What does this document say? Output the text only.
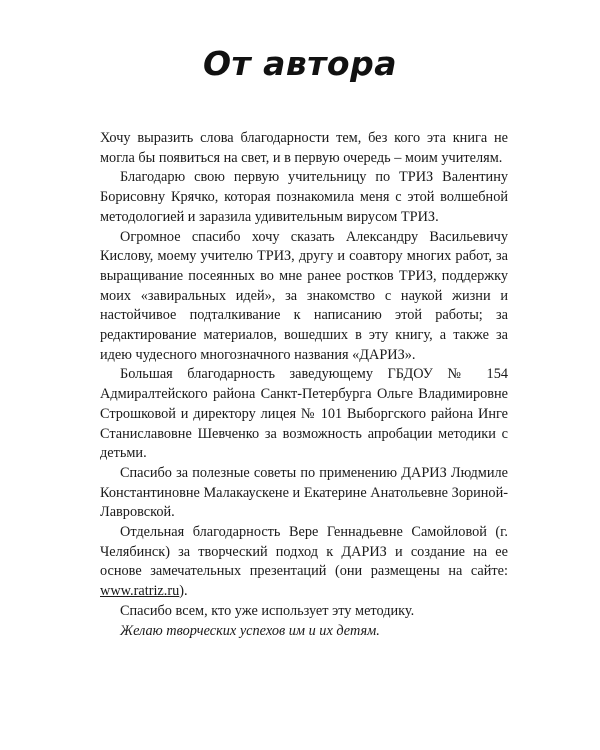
От автора

Хочу выразить слова благодарности тем, без кого эта книга не могла бы появиться на свет, и в первую очередь – моим учителям.

Благодарю свою первую учительницу по ТРИЗ Валентину Борисовну Крячко, которая познакомила меня с этой волшебной методологией и заразила удивительным вирусом ТРИЗ.

Огромное спасибо хочу сказать Александру Васильевичу Кислову, моему учителю ТРИЗ, другу и соавтору многих работ, за выращивание посеянных во мне ранее ростков ТРИЗ, поддержку моих «завиральных идей», за знакомство с наукой жизни и настойчивое подталкивание к написанию этой работы; за редактирование материалов, вошедших в эту книгу, а также за идею чудесного многозначного названия «ДАРИЗ».

Большая благодарность заведующему ГБДОУ № 154 Адмиралтейского района Санкт-Петербурга Ольге Владимировне Строшковой и директору лицея № 101 Выборгского района Инге Станиславовне Шевченко за возможность апробации методики с детьми.

Спасибо за полезные советы по применению ДАРИЗ Людмиле Константиновне Малакаускене и Екатерине Анатольевне Зориной-Лавровской.

Отдельная благодарность Вере Геннадьевне Самойловой (г. Челябинск) за творческий подход к ДАРИЗ и создание на ее основе замечательных презентаций (они размещены на сайте: www.ratriz.ru).

Спасибо всем, кто уже использует эту методику.

Желаю творческих успехов им и их детям.
